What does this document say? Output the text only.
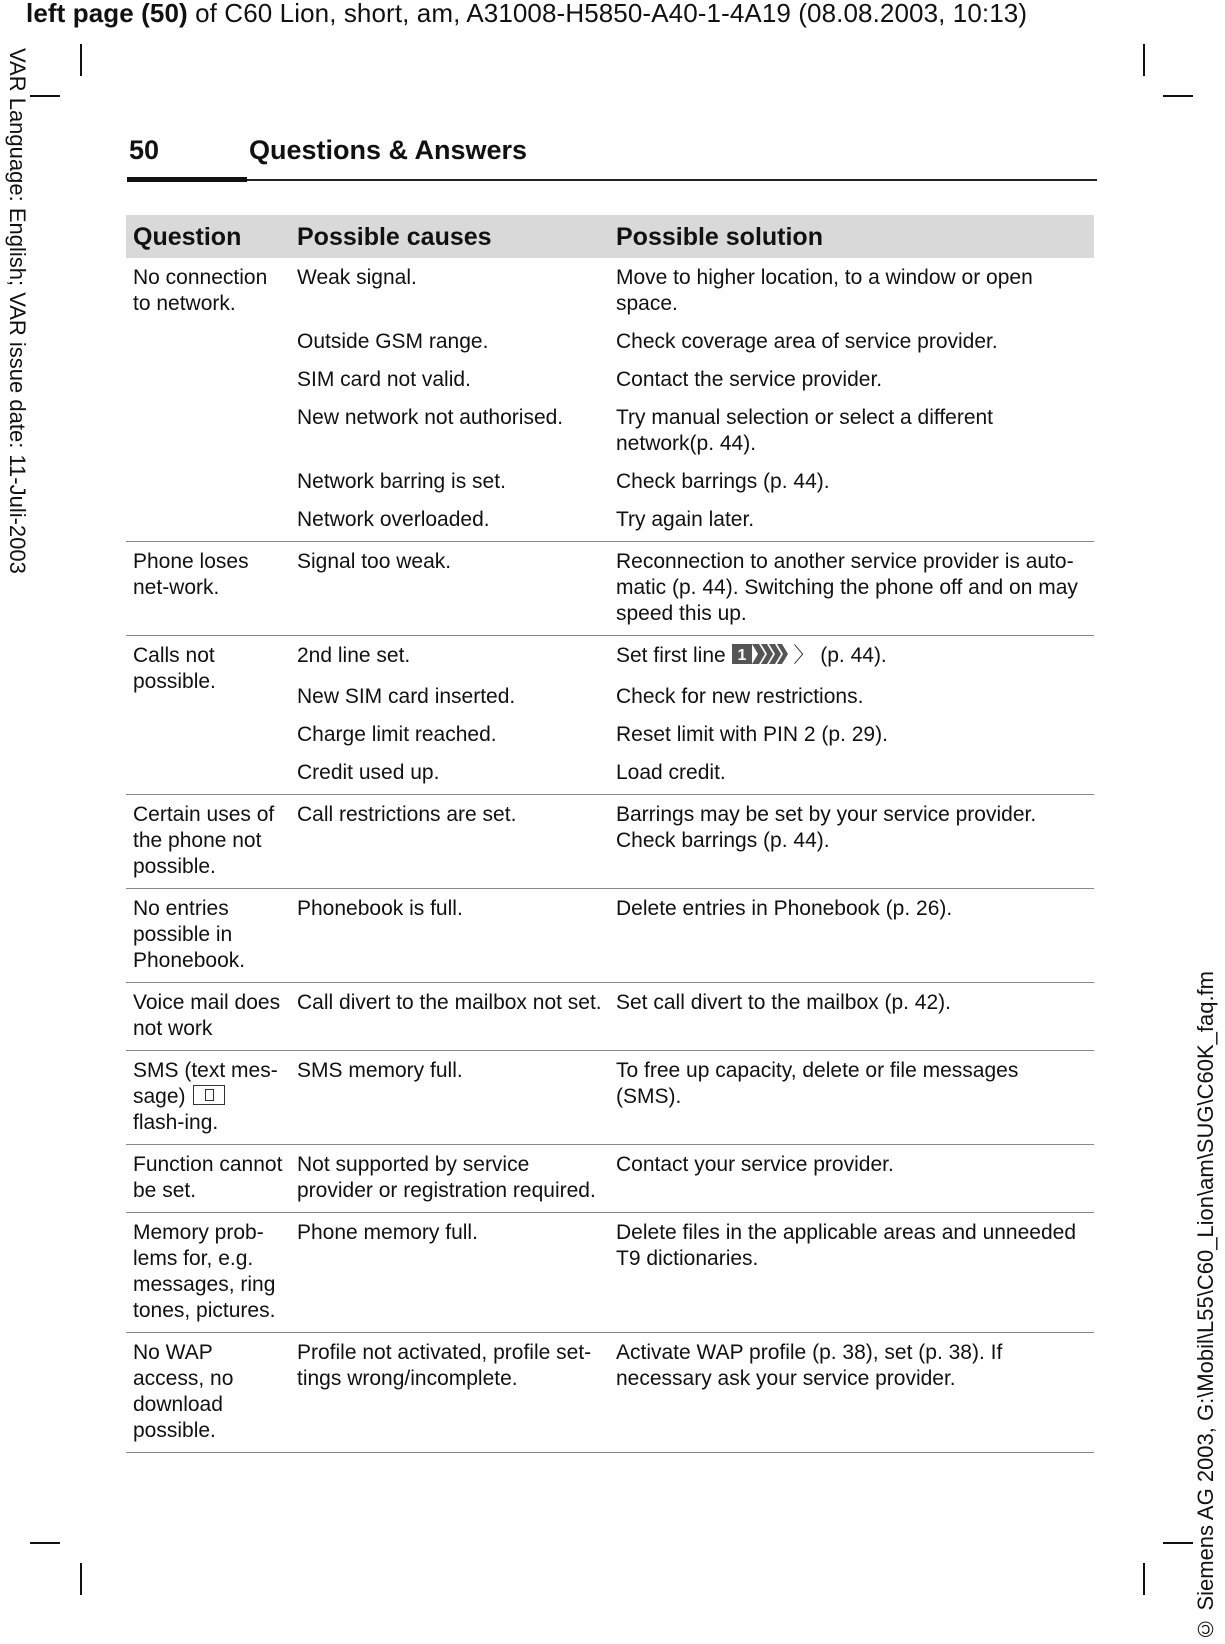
left page (50) of C60 Lion, short, am, A31008-H5850-A40-1-4A19 (08.08.2003, 10:13)
VAR Language: English; VAR issue date: 11-Juli-2003
© Siemens AG 2003, G:\Mobil\L55\C60_Lion\am\SUG\C60K_faq.fm
50	Questions & Answers
Question	Possible causes	Possible solution
No connection to network.	Weak signal.	Move to higher location, to a window or open space.
	Outside GSM range.	Check coverage area of service provider.
	SIM card not valid.	Contact the service provider.
	New network not authorised.	Try manual selection or select a different network(p. 44).
	Network barring is set.	Check barrings (p. 44).
	Network overloaded.	Try again later.
Phone loses net-work.	Signal too weak.	Reconnection to another service provider is auto-matic (p. 44). Switching the phone off and on may speed this up.
Calls not possible.	2nd line set.	Set first line 1 〉 (p. 44).
	New SIM card inserted.	Check for new restrictions.
	Charge limit reached.	Reset limit with PIN 2 (p. 29).
	Credit used up.	Load credit.
Certain uses of the phone not possible.	Call restrictions are set.	Barrings may be set by your service provider. Check barrings (p. 44).
No entries possible in Phonebook.	Phonebook is full.	Delete entries in Phonebook (p. 26).
Voice mail does not work	Call divert to the mailbox not set.	Set call divert to the mailbox (p. 42).
SMS (text mes-sage)  flash-ing.	SMS memory full.	To free up capacity, delete or file messages (SMS).
Function cannot be set.	Not supported by service provider or registration required.	Contact your service provider.
Memory prob-lems for, e.g. messages, ring tones, pictures.	Phone memory full.	Delete files in the applicable areas and unneeded T9 dictionaries.
No WAP access, no download possible.	Profile not activated, profile set-tings wrong/incomplete.	Activate WAP profile (p. 38), set (p. 38). If necessary ask your service provider.
